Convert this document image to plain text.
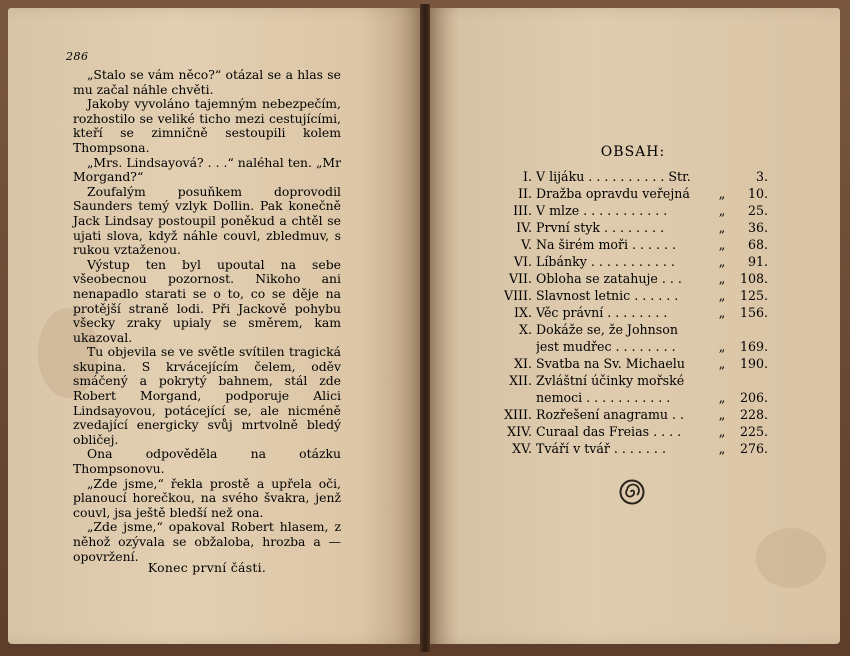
286

„Stalo se vám něco?“ otázal se a hlas se mu začal náhle chvěti.

Jakoby vyvoláno tajemným nebezpečím, rozhostilo se veliké ticho mezi cestujícími, kteří se zimničně sestoupili kolem Thompsona.

„Mrs. Lindsayová? . . .“ naléhal ten. „Mr Morgand?“

Zoufalým posuňkem doprovodil Saunders temý vzlyk Dollin. Pak konečně Jack Lindsay postoupil poněkud a chtěl se ujati slova, když náhle couvl, zbledmuv, s rukou vztaženou.

Výstup ten byl upoutal na sebe všeobecnou pozornost. Nikoho ani nenapadlo starati se o to, co se děje na protější straně lodi. Při Jackově pohybu všecky zraky upialy se směrem, kam ukazoval.

Tu objevila se ve světle svítilen tragická skupina. S krvácejícím čelem, oděv smáčený a pokrytý bahnem, stál zde Robert Morgand, podporuje Alici Lindsayovou, potácející se, ale nicméně zvedající energicky svůj mrtvolně bledý obličej.

Ona odpověděla na otázku Thompsonovu.

„Zde jsme,“ řekla prostě a upřela oči, planoucí horečkou, na svého švakra, jenž couvl, jsa ještě bledší než ona.

„Zde jsme,“ opakoval Robert hlasem, z něhož ozývala se obžaloba, hrozba a — opovržení.

Konec první části.

OBSAH:

I. V lijáku . . . . . . . . . . Str.	3.
II. Dražba opravdu veřejná	„	10.
III. V mlze . . . . . . . . . . .	„	25.
IV. První styk . . . . . . . .	„	36.
V. Na širém moři . . . . . .	„	68.
VI. Líbánky . . . . . . . . . . .	„	91.
VII. Obloha se zatahuje . . .	„	108.
VIII. Slavnost letnic . . . . . .	„	125.
IX. Věc právní . . . . . . . .	„	156.
X. Dokáže se, že Johnson
jest mudřec . . . . . . . .	„	169.
XI. Svatba na Sv. Michaelu	„	190.
XII. Zvláštní účinky mořské
nemoci . . . . . . . . . . .	„	206.
XIII. Rozřešení anagramu . .	„	228.
XIV. Curaal das Freias . . . .	„	225.
XV. Tváří v tvář . . . . . . .	„	276.
